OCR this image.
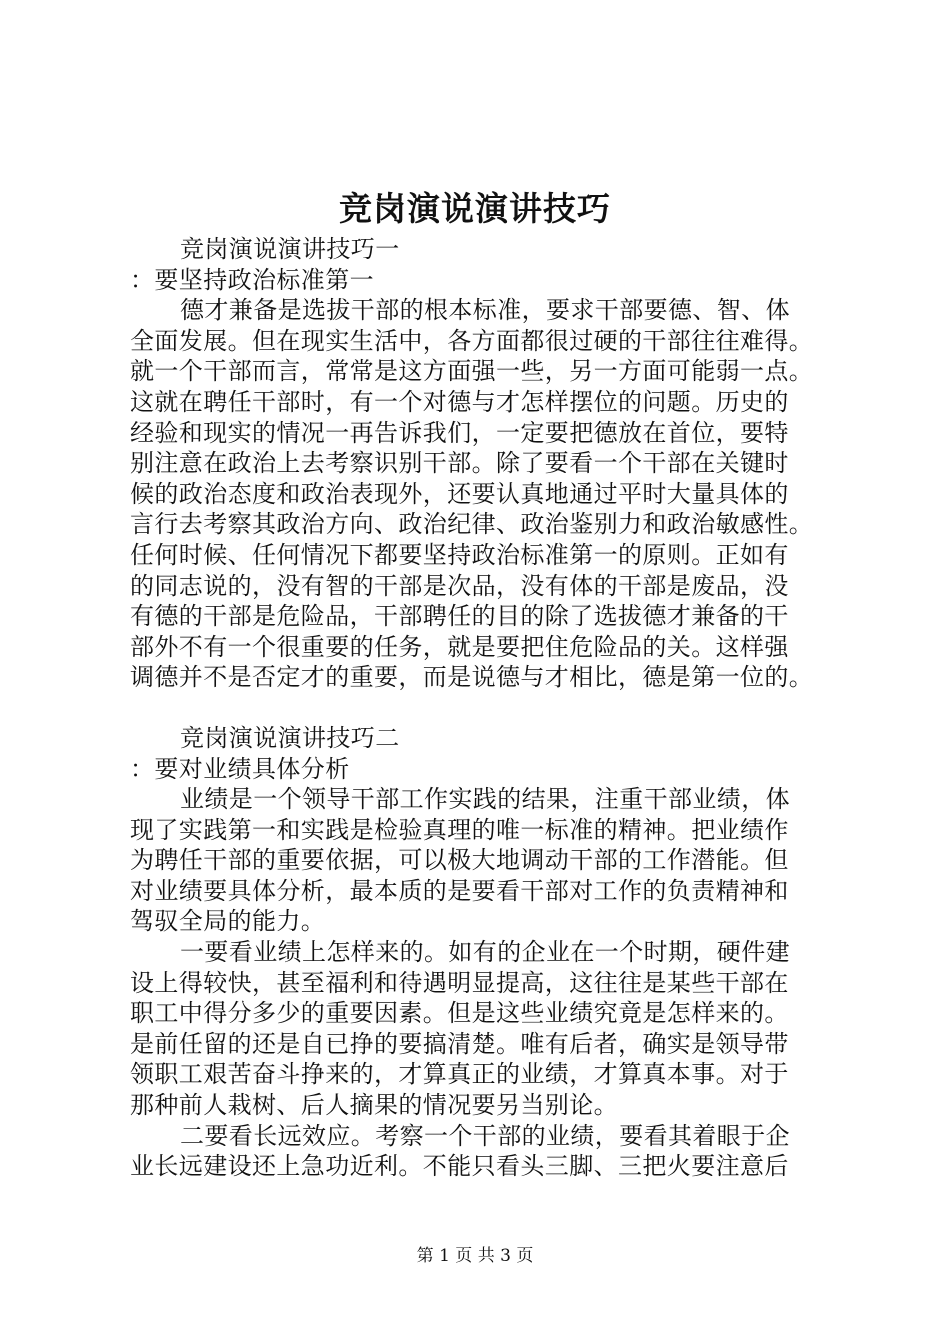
竞岗演说演讲技巧

竞岗演说演讲技巧一

：要坚持政治标准第一

德才兼备是选拔干部的根本标准，要求干部要德、智、体

全面发展。但在现实生活中，各方面都很过硬的干部往往难得。

就一个干部而言，常常是这方面强一些，另一方面可能弱一点。

这就在聘任干部时，有一个对德与才怎样摆位的问题。历史的

经验和现实的情况一再告诉我们，一定要把德放在首位，要特

别注意在政治上去考察识别干部。除了要看一个干部在关键时

候的政治态度和政治表现外，还要认真地通过平时大量具体的

言行去考察其政治方向、政治纪律、政治鉴别力和政治敏感性。

任何时候、任何情况下都要坚持政治标准第一的原则。正如有

的同志说的，没有智的干部是次品，没有体的干部是废品，没

有德的干部是危险品，干部聘任的目的除了选拔德才兼备的干

部外不有一个很重要的任务，就是要把住危险品的关。这样强

调德并不是否定才的重要，而是说德与才相比，德是第一位的。

竞岗演说演讲技巧二

：要对业绩具体分析

业绩是一个领导干部工作实践的结果，注重干部业绩，体

现了实践第一和实践是检验真理的唯一标准的精神。把业绩作

为聘任干部的重要依据，可以极大地调动干部的工作潜能。但

对业绩要具体分析，最本质的是要看干部对工作的负责精神和

驾驭全局的能力。

一要看业绩上怎样来的。如有的企业在一个时期，硬件建

设上得较快，甚至福利和待遇明显提高，这往往是某些干部在

职工中得分多少的重要因素。但是这些业绩究竟是怎样来的。

是前任留的还是自已挣的要搞清楚。唯有后者，确实是领导带

领职工艰苦奋斗挣来的，才算真正的业绩，才算真本事。对于

那种前人栽树、后人摘果的情况要另当别论。

二要看长远效应。考察一个干部的业绩，要看其着眼于企

业长远建设还上急功近利。不能只看头三脚、三把火要注意后

第 1 页 共 3 页
